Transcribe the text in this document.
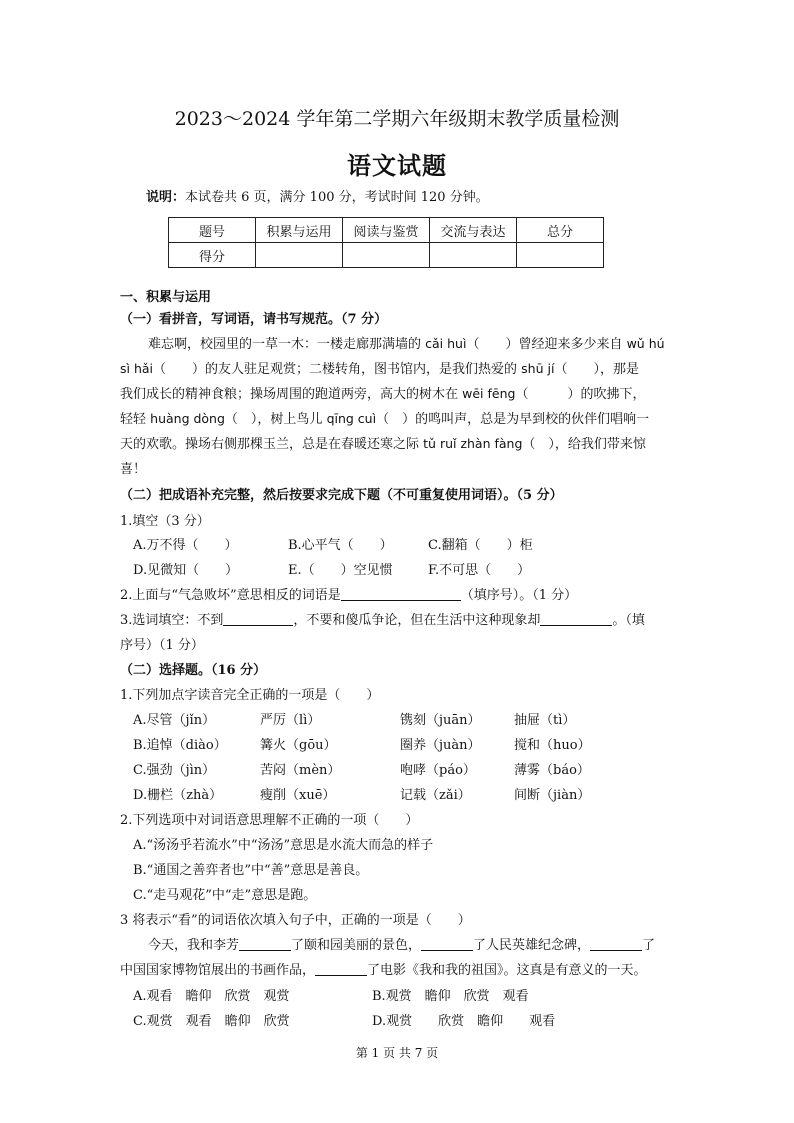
2023～2024 学年第二学期六年级期末教学质量检测
语文试题
说明：本试卷共 6 页，满分 100 分，考试时间 120 分钟。
题号	积累与运用	阅读与鉴赏	交流与表达	总分
得分				
一、积累与运用
（一）看拼音，写词语，请书写规范。（7 分）
难忘啊，校园里的一草一木：一楼走廊那满墙的 cǎi huì（　　）曾经迎来多少来自 wǔ hú
sì hǎi（　　）的友人驻足观赏；二楼转角，图书馆内，是我们热爱的 shū jí（　　），那是
我们成长的精神食粮；操场周围的跑道两旁，高大的树木在 wēi fēng（　　　）的吹拂下，
轻轻 huàng dòng（　），树上鸟儿 qīng cuì（　）的鸣叫声，总是为早到校的伙伴们唱响一
天的欢歌。操场右侧那棵玉兰，总是在春暖还寒之际 tǔ ruǐ zhàn fàng（　），给我们带来惊
喜！
（二）把成语补充完整，然后按要求完成下题（不可重复使用词语）。（5 分）
1.填空（3 分）
A.万不得（　　）	B.心平气（　　）	C.翻箱（　　）柜
D.见微知（　　）	E.（　　）空见惯	F.不可思（　　）
2.上面与“气急败坏”意思相反的词语是	（填序号）。（1 分）
3.选词填空：不到	，不要和傻瓜争论，但在生活中这种现象却	。（填
序号）（1 分）
（二）选择题。（16 分）
1.下列加点字读音完全正确的一项是（　　）
A.尽管（jǐn）	严厉（lì）	镌刻（juān）	抽屉（tì）
B.追悼（diào）	篝火（gōu）	圈养（juàn）	搅和（huo）
C.强劲（jìn）	苦闷（mèn）	咆哮（páo）	薄雾（báo）
D.栅栏（zhà）	瘦削（xuē）	记载（zǎi）	间断（jiàn）
2.下列选项中对词语意思理解不正确的一项（　　）
A.“汤汤乎若流水”中“汤汤”意思是水流大而急的样子
B.“通国之善弈者也”中“善”意思是善良。
C.“走马观花”中“走”意思是跑。
3 将表示“看”的词语依次填入句子中，正确的一项是（　　）
今天，我和李芳	了颐和园美丽的景色，	了人民英雄纪念碑，	了
中国国家博物馆展出的书画作品，	了电影《我和我的祖国》。这真是有意义的一天。
A.观看　瞻仰　欣赏　观赏	B.观赏　瞻仰　欣赏　观看
C.观赏　观看　瞻仰　欣赏	D.观赏　　欣赏　瞻仰　　观看
第 1 页 共 7 页
